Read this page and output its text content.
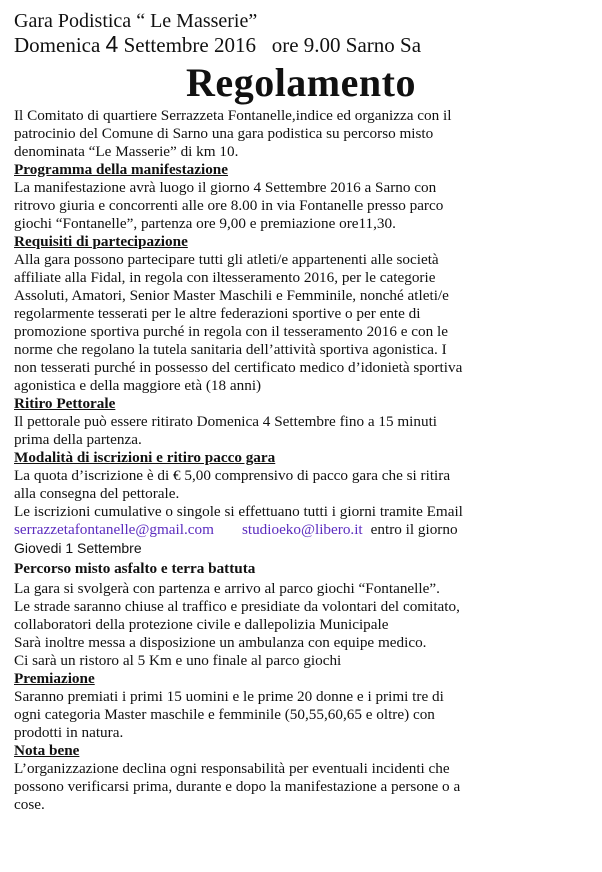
Gara Podistica “ Le Masserie”
Domenica 4 Settembre 2016   ore 9.00 Sarno Sa
Regolamento

Il Comitato di quartiere Serrazzeta Fontanelle,indice ed organizza con il

patrocinio del Comune di Sarno una gara podistica su percorso misto

denominata “Le Masserie” di km 10.

Programma della manifestazione

La manifestazione avrà luogo il giorno 4 Settembre 2016 a Sarno con

ritrovo giuria e concorrenti alle ore 8.00 in via Fontanelle presso parco

giochi “Fontanelle”, partenza ore 9,00 e premiazione ore11,30.

Requisiti di partecipazione

Alla gara possono partecipare tutti gli atleti/e appartenenti alle società

affiliate alla Fidal, in regola con iltesseramento 2016, per le categorie

Assoluti, Amatori, Senior Master Maschili e Femminile, nonché atleti/e

regolarmente tesserati per le altre federazioni sportive o per ente di

promozione sportiva purché in regola con il tesseramento 2016 e con le

norme che regolano la tutela sanitaria dell’attività sportiva agonistica. I

non tesserati purché in possesso del certificato medico d’idonietà sportiva

agonistica e della maggiore età (18 anni)

Ritiro Pettorale

Il pettorale può essere ritirato Domenica 4 Settembre fino a 15 minuti

prima della partenza.

Modalità di iscrizioni e ritiro pacco gara

La quota d’iscrizione è di € 5,00 comprensivo di pacco gara che si ritira

alla consegna del pettorale.

Le iscrizioni cumulative o singole si effettuano tutti i giorni tramite Email

serrazzetafontanelle@gmail.com studioeko@libero.it entro il giorno

Giovedi 1 Settembre

Percorso misto asfalto e terra battuta

La gara si svolgerà con partenza e arrivo al parco giochi “Fontanelle”.

Le strade saranno chiuse al traffico e presidiate da volontari del comitato,

collaboratori della protezione civile e dallepolizia Municipale

Sarà inoltre messa a disposizione un ambulanza con equipe medico.

Ci sarà un ristoro al 5 Km e uno finale al parco giochi

Premiazione

Saranno premiati i primi 15 uomini e le prime 20 donne e i primi tre di

ogni categoria Master maschile e femminile (50,55,60,65 e oltre) con

prodotti in natura.

Nota bene

L’organizzazione declina ogni responsabilità per eventuali incidenti che

possono verificarsi prima, durante e dopo la manifestazione a persone o a

cose.
